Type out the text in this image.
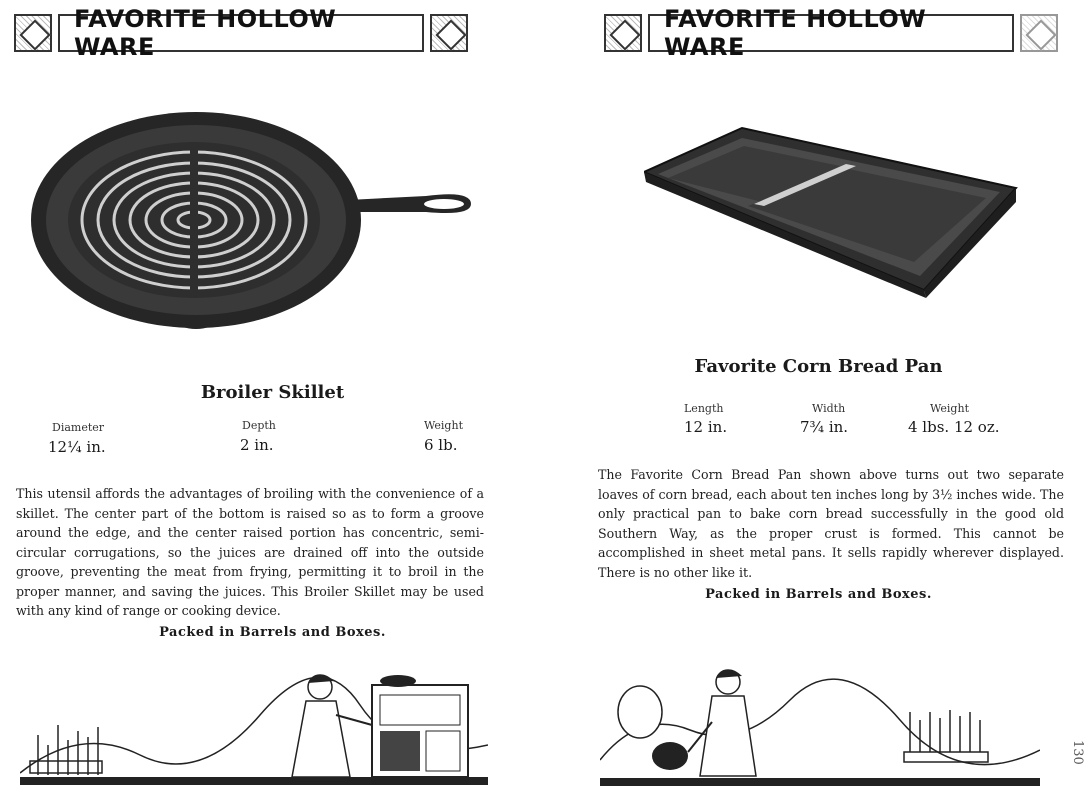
FAVORITE HOLLOW WARE
Broiler Skillet
Diameter
12¼ in.
Depth
2 in.
Weight
6 lb.
This utensil affords the advantages of broiling with the convenience of a skillet. The center part of the bottom is raised so as to form a groove around the edge, and the center raised portion has concentric, semi-circular corrugations, so the juices are drained off into the outside groove, preventing the meat from frying, permitting it to broil in the proper manner, and saving the juices. This Broiler Skillet may be used with any kind of range or cooking device.
Packed in Barrels and Boxes.
FAVORITE HOLLOW WARE
Favorite Corn Bread Pan
Length
12 in.
Width
7¾ in.
Weight
4 lbs. 12 oz.
The Favorite Corn Bread Pan shown above turns out two separate loaves of corn bread, each about ten inches long by 3½ inches wide. The only practical pan to bake corn bread successfully in the good old Southern Way, as the proper crust is formed. This cannot be accomplished in sheet metal pans. It sells rapidly wherever displayed. There is no other like it.
Packed in Barrels and Boxes.
130
